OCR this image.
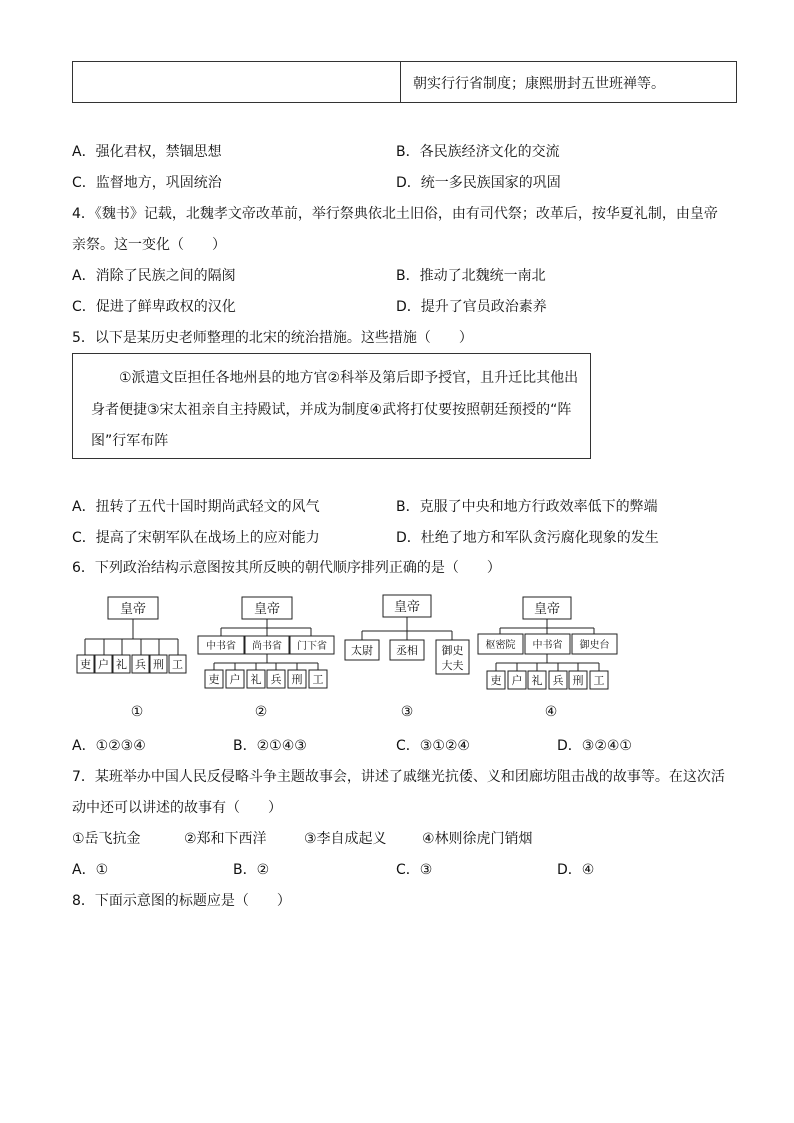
朝实行行省制度；康熙册封五世班禅等。
A．强化君权，禁锢思想	B．各民族经济文化的交流
C．监督地方，巩固统治	D．统一多民族国家的巩固
4．《魏书》记载，北魏孝文帝改革前，举行祭典依北土旧俗，由有司代祭；改革后，按华夏礼制，由皇帝
亲祭。这一变化（　　）
A．消除了民族之间的隔阂	B．推动了北魏统一南北
C．促进了鲜卑政权的汉化	D．提升了官员政治素养
5．以下是某历史老师整理的北宋的统治措施。这些措施（　　）
①派遣文臣担任各地州县的地方官②科举及第后即予授官，且升迁比其他出
身者便捷③宋太祖亲自主持殿试，并成为制度④武将打仗要按照朝廷预授的“阵
图”行军布阵
A．扭转了五代十国时期尚武轻文的风气	B．克服了中央和地方行政效率低下的弊端
C．提高了宋朝军队在战场上的应对能力	D．杜绝了地方和军队贪污腐化现象的发生
6．下列政治结构示意图按其所反映的朝代顺序排列正确的是（　　）
皇帝
吏 户 礼 兵 刑 工
皇帝
中书省 尚书省 门下省
吏 户 礼 兵 刑 工
皇帝
太尉 丞相 御史
大夫
皇帝
枢密院 中书省 御史台
吏 户 礼 兵 刑 工
①	②	③	④
A．①②③④	B．②①④③	C．③①②④	D．③②④①
7．某班举办中国人民反侵略斗争主题故事会，讲述了戚继光抗倭、义和团廊坊阻击战的故事等。在这次活
动中还可以讲述的故事有（　　）
①岳飞抗金	②郑和下西洋	③李自成起义	④林则徐虎门销烟
A．①	B．②	C．③	D．④
8．下面示意图的标题应是（　　）
